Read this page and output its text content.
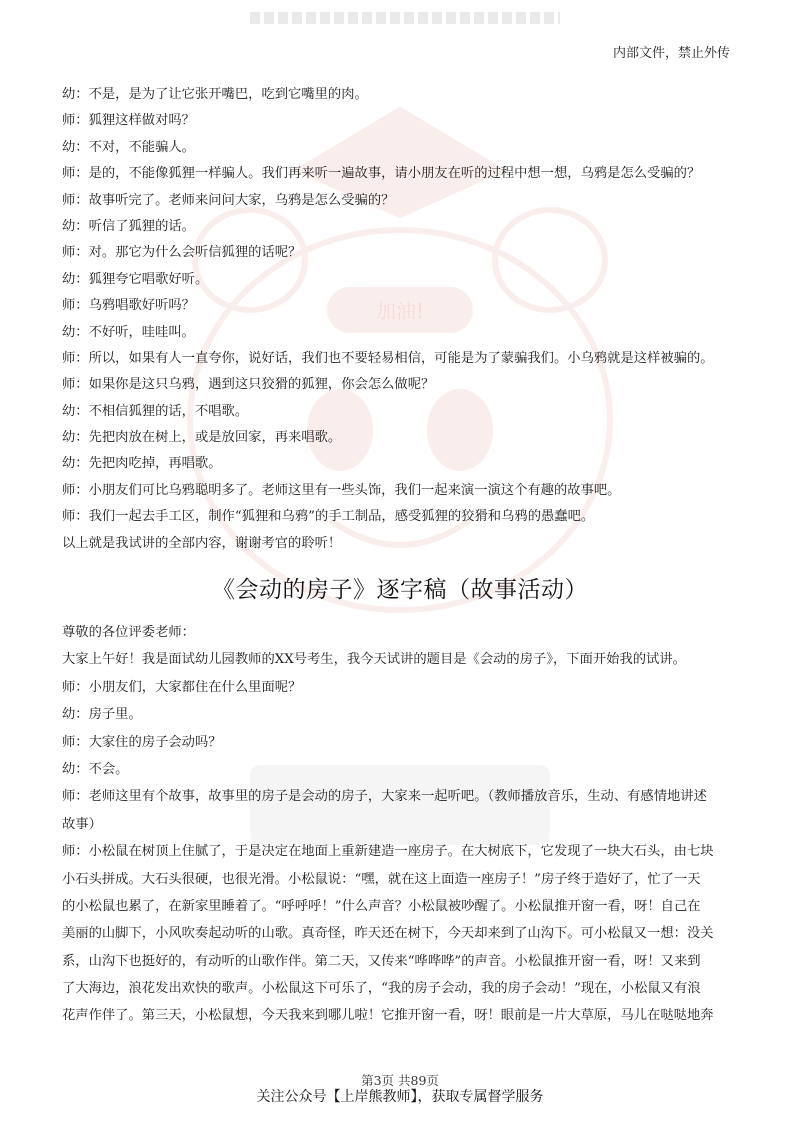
内部文件，禁止外传
加油!
幼：不是，是为了让它张开嘴巴，吃到它嘴里的肉。
师：狐狸这样做对吗？
幼：不对，不能骗人。
师：是的，不能像狐狸一样骗人。我们再来听一遍故事，请小朋友在听的过程中想一想，乌鸦是怎么受骗的？
师：故事听完了。老师来问问大家，乌鸦是怎么受骗的？
幼：听信了狐狸的话。
师：对。那它为什么会听信狐狸的话呢？
幼：狐狸夸它唱歌好听。
师：乌鸦唱歌好听吗？
幼：不好听，哇哇叫。
师：所以，如果有人一直夸你，说好话，我们也不要轻易相信，可能是为了蒙骗我们。小乌鸦就是这样被骗的。
师：如果你是这只乌鸦，遇到这只狡猾的狐狸，你会怎么做呢？
幼：不相信狐狸的话，不唱歌。
幼：先把肉放在树上，或是放回家，再来唱歌。
幼：先把肉吃掉，再唱歌。
师：小朋友们可比乌鸦聪明多了。老师这里有一些头饰，我们一起来演一演这个有趣的故事吧。
师：我们一起去手工区，制作“狐狸和乌鸦”的手工制品，感受狐狸的狡猾和乌鸦的愚蠢吧。
以上就是我试讲的全部内容，谢谢考官的聆听！
《会动的房子》逐字稿（故事活动）
尊敬的各位评委老师：
大家上午好！我是面试幼儿园教师的XX号考生，我今天试讲的题目是《会动的房子》，下面开始我的试讲。
师：小朋友们，大家都住在什么里面呢？
幼：房子里。
师：大家住的房子会动吗？
幼：不会。
师：老师这里有个故事，故事里的房子是会动的房子，大家来一起听吧。（教师播放音乐，生动、有感情地讲述
故事）
师：小松鼠在树顶上住腻了，于是决定在地面上重新建造一座房子。在大树底下，它发现了一块大石头，由七块
小石头拼成。大石头很硬，也很光滑。小松鼠说：“嘿，就在这上面造一座房子！”房子终于造好了，忙了一天
的小松鼠也累了，在新家里睡着了。“呼呼呼！”什么声音？小松鼠被吵醒了。小松鼠推开窗一看，呀！自己在
美丽的山脚下，小风吹奏起动听的山歌。真奇怪，昨天还在树下，今天却来到了山沟下。可小松鼠又一想：没关
系，山沟下也挺好的，有动听的山歌作伴。第二天，又传来“哗哗哗”的声音。小松鼠推开窗一看，呀！又来到
了大海边，浪花发出欢快的歌声。小松鼠这下可乐了，“我的房子会动，我的房子会动！”现在，小松鼠又有浪
花声作伴了。第三天，小松鼠想，今天我来到哪儿啦！它推开窗一看，呀！眼前是一片大草原，马儿在哒哒地奔
第3页 共89页
关注公众号【上岸熊教师】，获取专属督学服务
